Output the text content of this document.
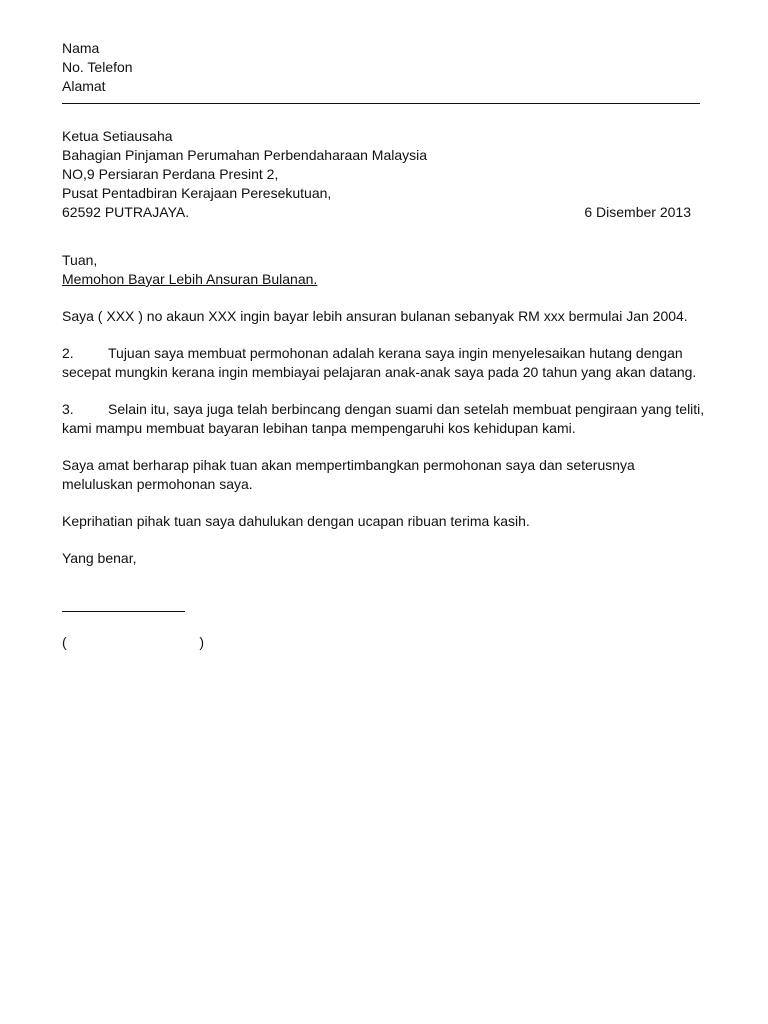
Nama
No. Telefon
Alamat
Ketua Setiausaha
Bahagian Pinjaman Perumahan Perbendaharaan Malaysia
NO,9 Persiaran Perdana Presint 2,
Pusat Pentadbiran Kerajaan Peresekutuan,
62592 PUTRAJAYA.	6 Disember 2013
Tuan,
Memohon Bayar Lebih Ansuran Bulanan.
Saya ( XXX ) no akaun XXX ingin bayar lebih ansuran bulanan sebanyak RM xxx bermulai Jan 2004.
2. Tujuan saya membuat permohonan adalah kerana saya ingin menyelesaikan hutang dengan
secepat mungkin kerana ingin membiayai pelajaran anak-anak saya pada 20 tahun yang akan datang.
3. Selain itu, saya juga telah berbincang dengan suami dan setelah membuat pengiraan yang teliti,
kami mampu membuat bayaran lebihan tanpa mempengaruhi kos kehidupan kami.
Saya amat berharap pihak tuan akan mempertimbangkan permohonan saya dan seterusnya
meluluskan permohonan saya.
Keprihatian pihak tuan saya dahulukan dengan ucapan ribuan terima kasih.
Yang benar,
(	)
